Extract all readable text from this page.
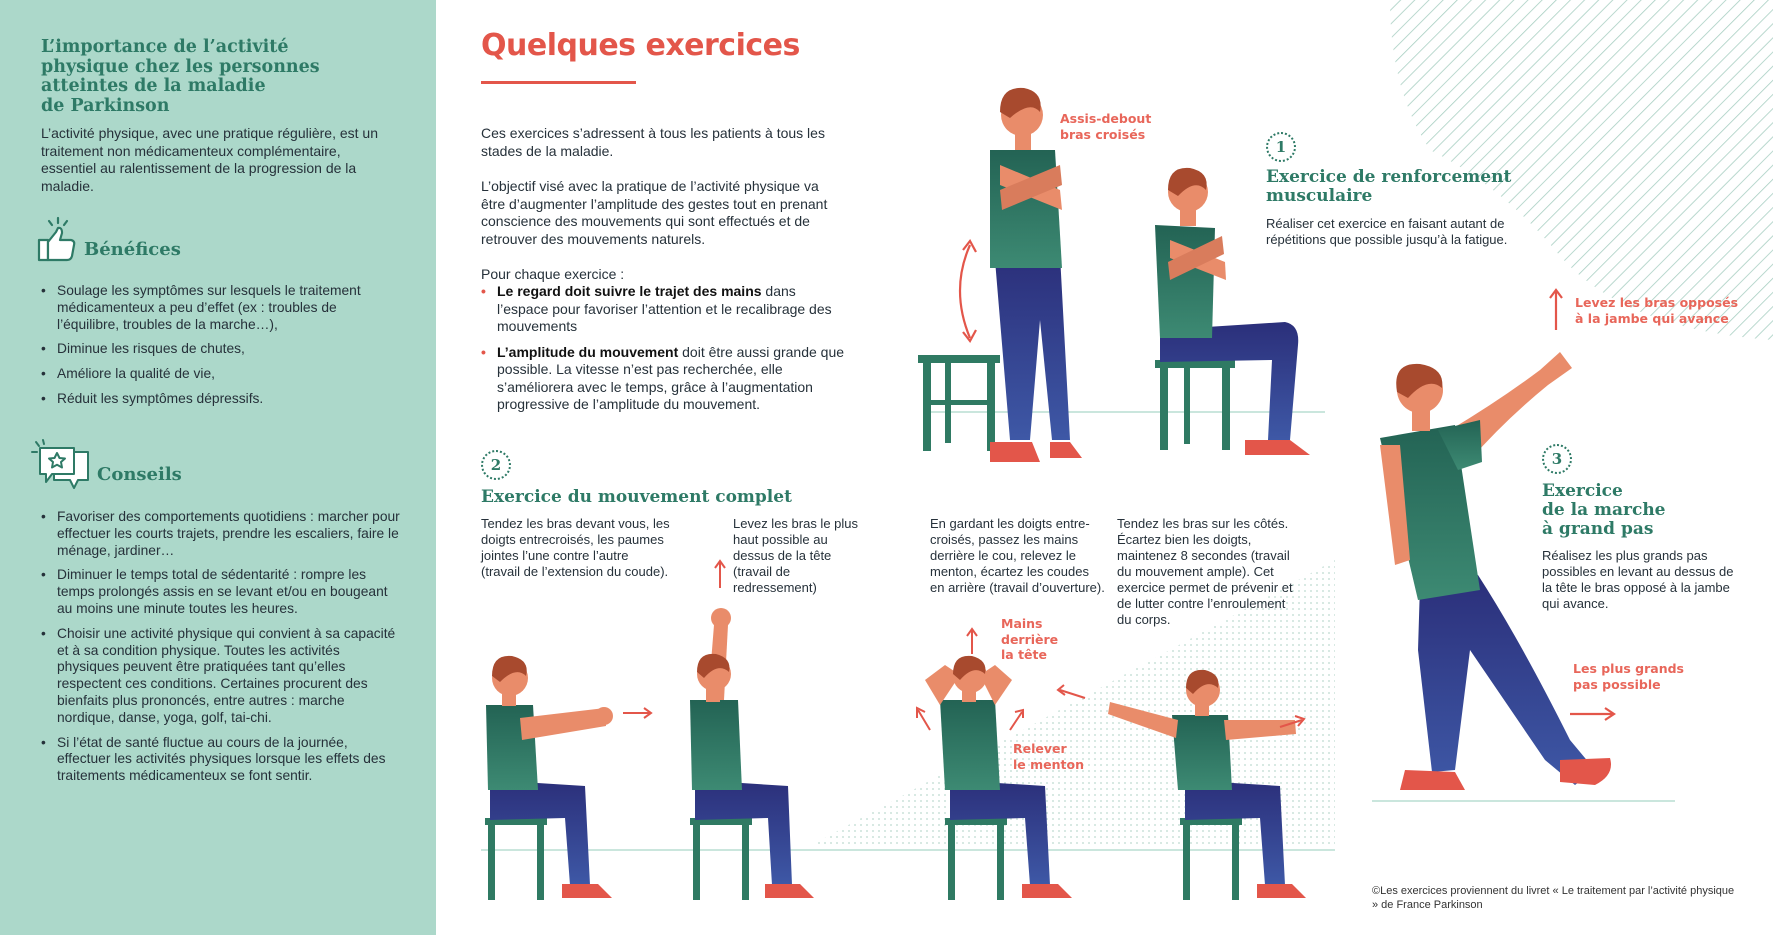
L’importance de l’activité
physique chez les personnes
atteintes de la maladie
de Parkinson
L’activité physique, avec une pratique régulière, est un traitement non médicamenteux complémentaire, essentiel au ralentissement de la progression de la maladie.
Bénéfices
• Soulage les symptômes sur lesquels le traitement médicamenteux a peu d’effet (ex : troubles de l’équilibre, troubles de la marche…),
• Diminue les risques de chutes,
• Améliore la qualité de vie,
• Réduit les symptômes dépressifs.
Conseils
• Favoriser des comportements quotidiens : marcher pour effectuer les courts trajets, prendre les escaliers, faire le ménage, jardiner…
• Diminuer le temps total de sédentarité : rompre les temps prolongés assis en se levant et/ou en bougeant au moins une minute toutes les heures.
• Choisir une activité physique qui convient à sa capacité et à sa condition physique. Toutes les activités physiques peuvent être pratiquées tant qu’elles respectent ces conditions. Certaines procurent des bienfaits plus prononcés, entre autres : marche nordique, danse, yoga, golf, tai-chi.
• Si l’état de santé fluctue au cours de la journée, effectuer les activités physiques lorsque les effets des traitements médicamenteux se font sentir.
Quelques exercices
Ces exercices s’adressent à tous les patients à tous les stades de la maladie.
L’objectif visé avec la pratique de l’activité physique va être d’augmenter l’amplitude des gestes tout en prenant conscience des mouvements qui sont effectués et de retrouver des mouvements naturels.
Pour chaque exercice :
• Le regard doit suivre le trajet des mains dans l’espace pour favoriser l’attention et le recalibrage des mouvements
• L’amplitude du mouvement doit être aussi grande que possible. La vitesse n’est pas recherchée, elle s’améliorera avec le temps, grâce à l’augmentation progressive de l’amplitude du mouvement.
1
Exercice de renforcement
musculaire
Réaliser cet exercice en faisant autant de répétitions que possible jusqu’à la fatigue.
Assis-debout
bras croisés
2
Exercice du mouvement complet
Tendez les bras devant vous, les doigts entrecroisés, les paumes jointes l’une contre l’autre (travail de l’extension du coude).
Levez les bras le plus haut possible au dessus de la tête (travail de redressement)
En gardant les doigts entre-croisés, passez les mains derrière le cou, relevez le menton, écartez les coudes en arrière (travail d’ouverture).
Tendez les bras sur les côtés. Écartez bien les doigts, maintenez 8 secondes (travail du mouvement ample). Cet exercice permet de prévenir et de lutter contre l’enroulement du corps.
Mains
derrière
la tête
Relever
le menton
3
Exercice
de la marche
à grand pas
Réalisez les plus grands pas possibles en levant au dessus de la tête le bras opposé à la jambe qui avance.
Levez les bras opposés
à la jambe qui avance
Les plus grands
pas possible
©Les exercices proviennent du livret « Le traitement par l’activité physique » de France Parkinson
